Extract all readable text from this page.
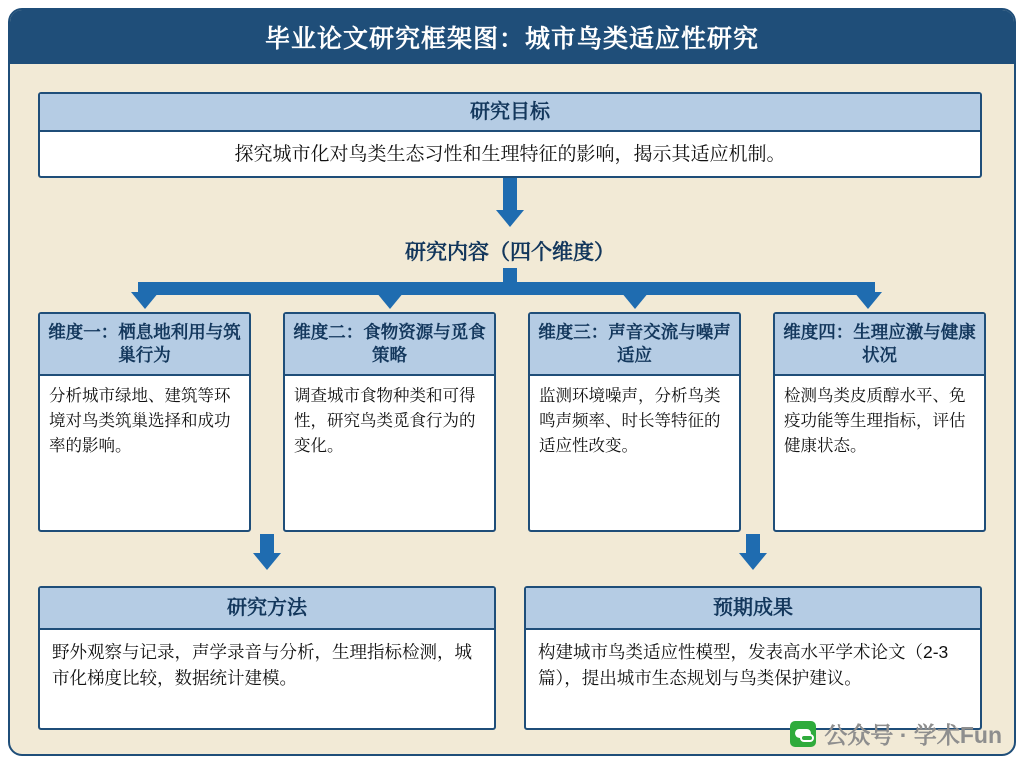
毕业论文研究框架图：城市鸟类适应性研究
研究目标
探究城市化对鸟类生态习性和生理特征的影响，揭示其适应机制。
研究内容（四个维度）
维度一：栖息地利用与筑巢行为
分析城市绿地、建筑等环境对鸟类筑巢选择和成功率的影响。
维度二：食物资源与觅食策略
调查城市食物种类和可得性，研究鸟类觅食行为的变化。
维度三：声音交流与噪声适应
监测环境噪声，分析鸟类鸣声频率、时长等特征的适应性改变。
维度四：生理应激与健康状况
检测鸟类皮质醇水平、免疫功能等生理指标，评估健康状态。
研究方法
野外观察与记录，声学录音与分析，生理指标检测，城市化梯度比较，数据统计建模。
预期成果
构建城市鸟类适应性模型，发表高水平学术论文（2-3篇），提出城市生态规划与鸟类保护建议。
公众号 · 学术Fun
